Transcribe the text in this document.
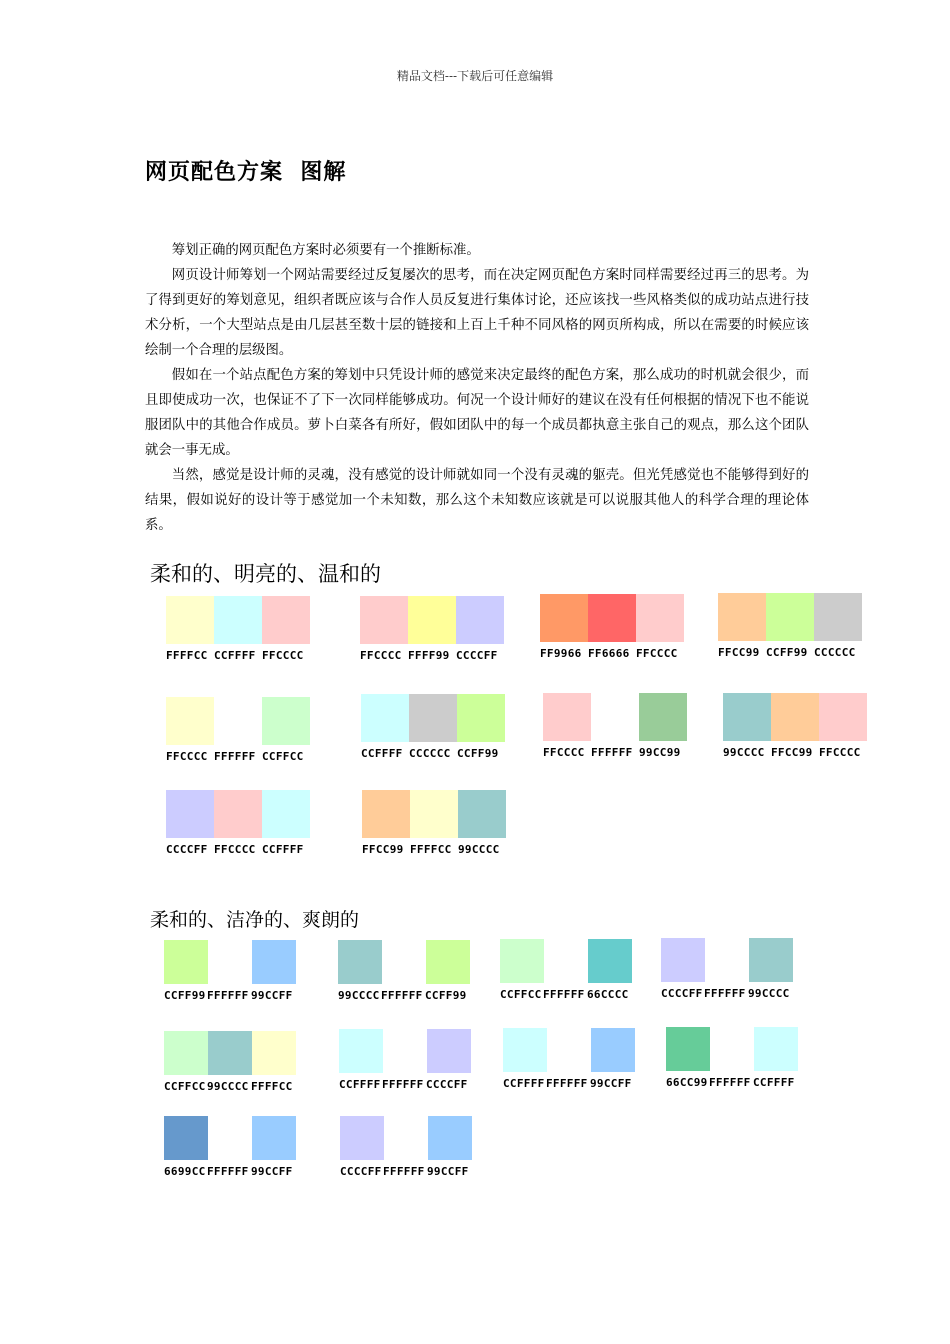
精品文档---下载后可任意编辑
网页配色方案  图解

筹划正确的网页配色方案时必须要有一个推断标准。

网页设计师筹划一个网站需要经过反复屡次的思考，而在决定网页配色方案时同样需要经过再三的思考。为了得到更好的筹划意见，组织者既应该与合作人员反复进行集体讨论，还应该找一些风格类似的成功站点进行技术分析，一个大型站点是由几层甚至数十层的链接和上百上千种不同风格的网页所构成，所以在需要的时候应该绘制一个合理的层级图。

假如在一个站点配色方案的筹划中只凭设计师的感觉来决定最终的配色方案，那么成功的时机就会很少，而且即使成功一次，也保证不了下一次同样能够成功。何况一个设计师好的建议在没有任何根据的情况下也不能说服团队中的其他合作成员。萝卜白菜各有所好，假如团队中的每一个成员都执意主张自己的观点，那么这个团队就会一事无成。

当然，感觉是设计师的灵魂，没有感觉的设计师就如同一个没有灵魂的躯壳。但光凭感觉也不能够得到好的结果，假如说好的设计等于感觉加一个未知数，那么这个未知数应该就是可以说服其他人的科学合理的理论体系。

柔和的、明亮的、温和的
柔和的、洁净的、爽朗的
FFFFCC CCFFFF FFCCCC	FFCCCC FFFF99 CCCCFF	FF9966 FF6666 FFCCCC	FFCC99 CCFF99 CCCCCC
FFCCCC FFFFFF CCFFCC	CCFFFF CCCCCC CCFF99	FFCCCC FFFFFF 99CC99	99CCCC FFCC99 FFCCCC
CCCCFF FFCCCC CCFFFF	FFCC99 FFFFCC 99CCCC
CCFF99 FFFFFF 99CCFF	99CCCC FFFFFF CCFF99	CCFFCC FFFFFF 66CCCC	CCCCFF FFFFFF 99CCCC
CCFFCC 99CCCC FFFFCC	CCFFFF FFFFFF CCCCFF	CCFFFF FFFFFF 99CCFF	66CC99 FFFFFF CCFFFF
6699CC FFFFFF 99CCFF	CCCCFF FFFFFF 99CCFF
